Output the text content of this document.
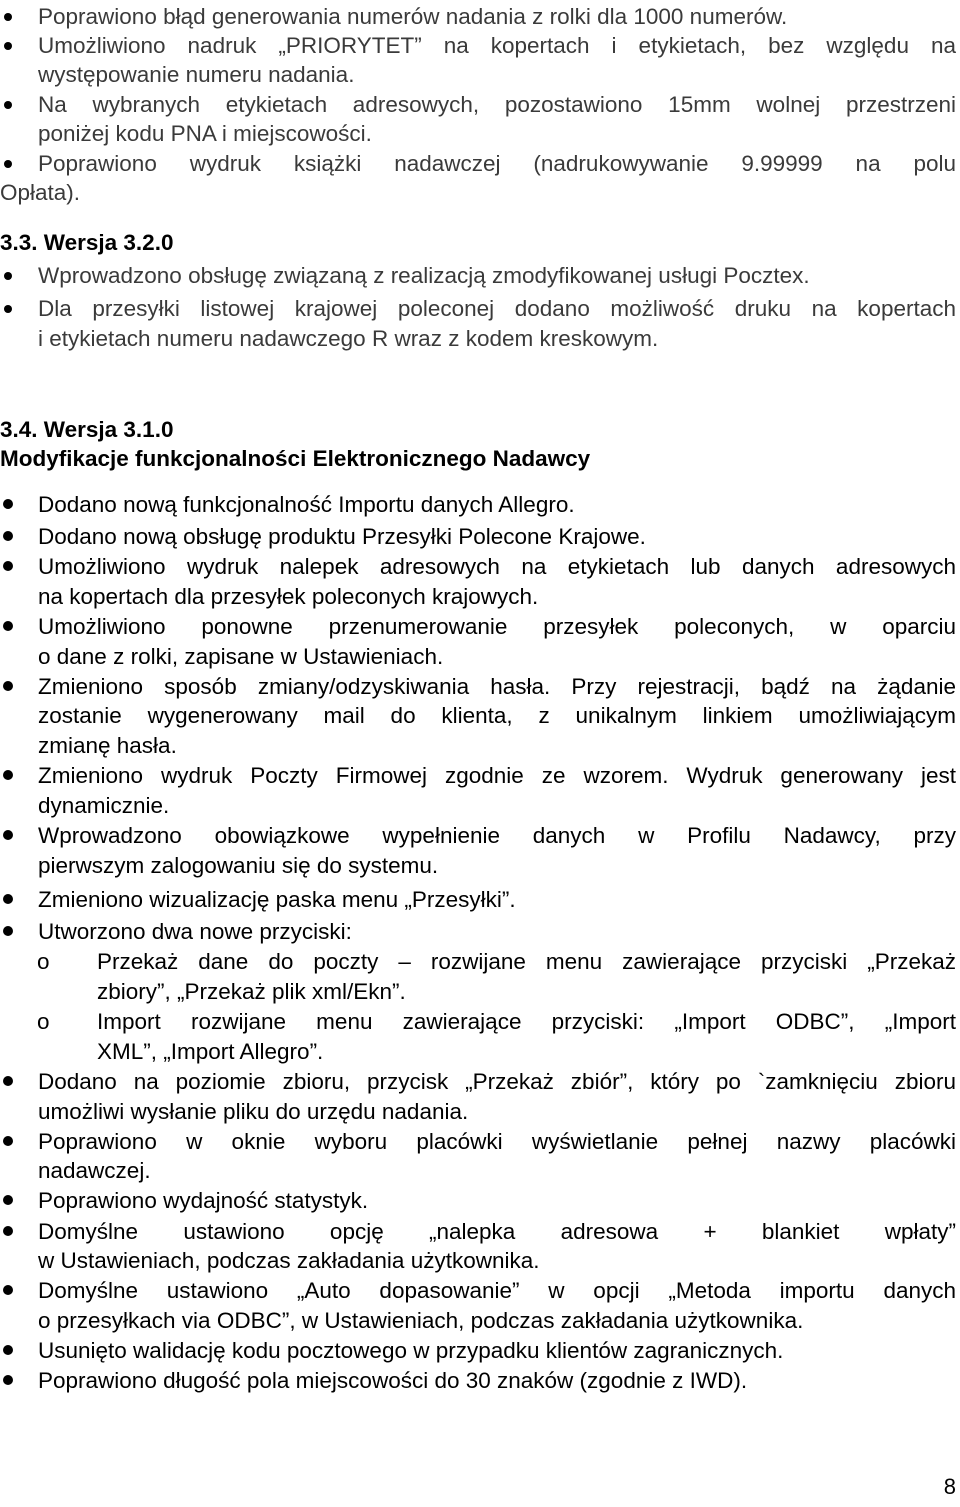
Poprawiono błąd generowania numerów nadania z rolki dla 1000 numerów.
Umożliwiono nadruk „PRIORYTET” na kopertach i etykietach, bez względu na
występowanie numeru nadania.
Na wybranych etykietach adresowych, pozostawiono 15mm wolnej przestrzeni
poniżej kodu PNA i miejscowości.
Poprawiono wydruk książki nadawczej (nadrukowywanie 9.99999 na polu
Opłata).
3.3. Wersja 3.2.0
Wprowadzono obsługę związaną z realizacją zmodyfikowanej usługi Pocztex.
Dla przesyłki listowej krajowej poleconej dodano możliwość druku na kopertach
i etykietach numeru nadawczego R wraz z kodem kreskowym.
3.4. Wersja 3.1.0
Modyfikacje funkcjonalności Elektronicznego Nadawcy
Dodano nową funkcjonalność Importu danych Allegro.
Dodano nową obsługę produktu Przesyłki Polecone Krajowe.
Umożliwiono wydruk nalepek adresowych na etykietach lub danych adresowych
na kopertach dla przesyłek poleconych krajowych.
Umożliwiono ponowne przenumerowanie przesyłek poleconych, w oparciu
o dane z rolki, zapisane w Ustawieniach.
Zmieniono sposób zmiany/odzyskiwania hasła. Przy rejestracji, bądź na żądanie
zostanie wygenerowany mail do klienta, z unikalnym linkiem umożliwiającym
zmianę hasła.
Zmieniono wydruk Poczty Firmowej zgodnie ze wzorem. Wydruk generowany jest
dynamicznie.
Wprowadzono obowiązkowe wypełnienie danych w Profilu Nadawcy, przy
pierwszym zalogowaniu się do systemu.
Zmieniono wizualizację paska menu „Przesyłki”.
Utworzono dwa nowe przyciski:
o Przekaż dane do poczty – rozwijane menu zawierające przyciski „Przekaż
zbiory”, „Przekaż plik xml/Ekn”.
o Import rozwijane menu zawierające przyciski: „Import ODBC”, „Import
XML”, „Import Allegro”.
Dodano na poziomie zbioru, przycisk „Przekaż zbiór”, który po `zamknięciu zbioru
umożliwi wysłanie pliku do urzędu nadania.
Poprawiono w oknie wyboru placówki wyświetlanie pełnej nazwy placówki
nadawczej.
Poprawiono wydajność statystyk.
Domyślne ustawiono opcję „nalepka adresowa + blankiet wpłaty”
w Ustawieniach, podczas zakładania użytkownika.
Domyślne ustawiono „Auto dopasowanie” w opcji „Metoda importu danych
o przesyłkach via ODBC”, w Ustawieniach, podczas zakładania użytkownika.
Usunięto walidację kodu pocztowego w przypadku klientów zagranicznych.
Poprawiono długość pola miejscowości do 30 znaków (zgodnie z IWD).
8
